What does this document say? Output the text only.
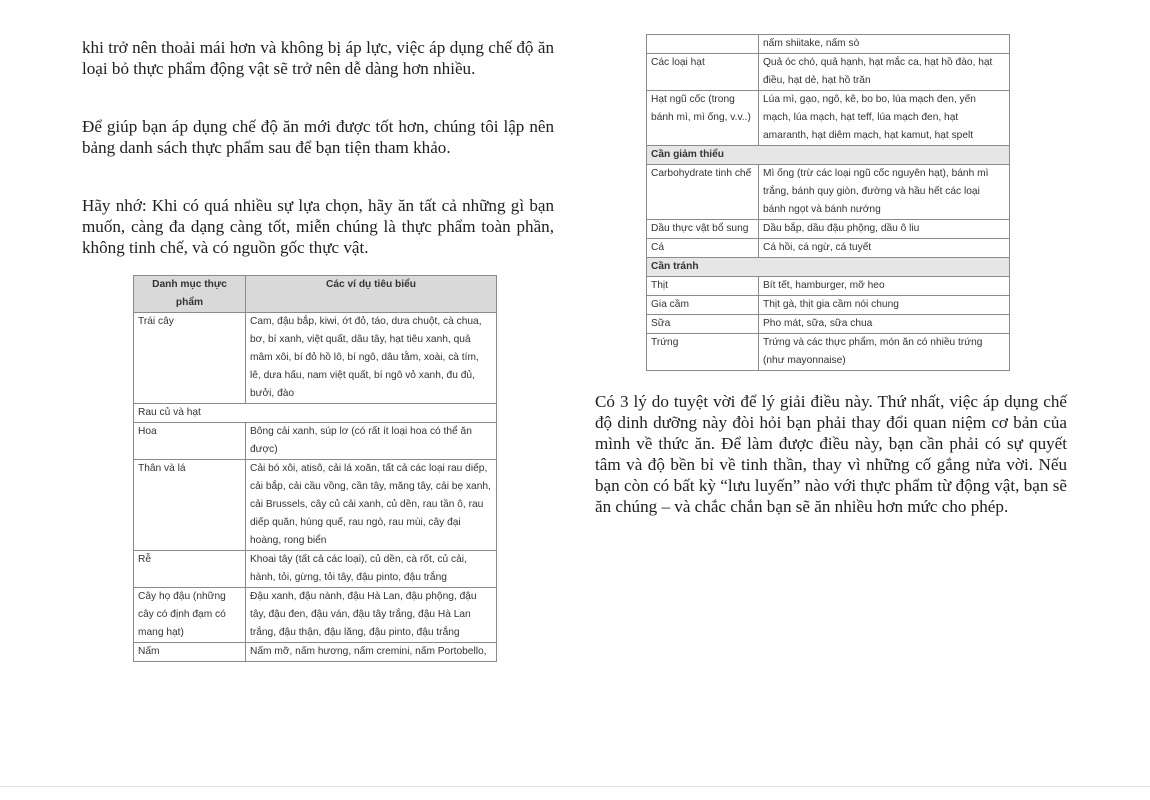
khi trở nên thoải mái hơn và không bị áp lực, việc áp dụng chế độ ăn loại bỏ thực phẩm động vật sẽ trở nên dễ dàng hơn nhiều.

Để giúp bạn áp dụng chế độ ăn mới được tốt hơn, chúng tôi lập nên bảng danh sách thực phẩm sau để bạn tiện tham khảo.

Hãy nhớ: Khi có quá nhiều sự lựa chọn, hãy ăn tất cả những gì bạn muốn, càng đa dạng càng tốt, miễn chúng là thực phẩm toàn phần, không tinh chế, và có nguồn gốc thực vật.

Danh mục thực phẩm	Các ví dụ tiêu biểu
Trái cây	Cam, đậu bắp, kiwi, ớt đỏ, táo, dưa chuột, cà chua, bơ, bí xanh, việt quất, dâu tây, hạt tiêu xanh, quả mâm xôi, bí đỏ hồ lô, bí ngô, dâu tằm, xoài, cà tím, lê, dưa hấu, nam việt quất, bí ngô vỏ xanh, đu đủ, bưởi, đào
Rau củ và hạt	
Hoa	Bông cải xanh, súp lơ (có rất ít loại hoa có thể ăn được)
Thân và lá	Cải bó xôi, atisô, cải lá xoăn, tất cả các loại rau diếp, cải bắp, cải cầu vồng, cần tây, măng tây, cải bẹ xanh, cải Brussels, cây củ cải xanh, củ dền, rau tần ô, rau diếp quăn, húng quế, rau ngò, rau mùi, cây đại hoàng, rong biển
Rễ	Khoai tây (tất cả các loại), củ dền, cà rốt, củ cải, hành, tỏi, gừng, tỏi tây, đậu pinto, đậu trắng
Cây họ đậu (những cây có định đạm có mang hạt)	Đậu xanh, đậu nành, đậu Hà Lan, đậu phộng, đậu tây, đậu đen, đậu ván, đậu tây trắng, đậu Hà Lan trắng, đậu thận, đậu lăng, đậu pinto, đậu trắng
Nấm	Nấm mỡ, nấm hương, nấm cremini, nấm Portobello,
	nấm shiitake, nấm sò
Các loại hạt	Quả óc chó, quả hạnh, hạt mắc ca, hạt hồ đào, hạt điều, hạt dẻ, hạt hồ trăn
Hạt ngũ cốc (trong bánh mì, mì ống, v.v..)	Lúa mì, gạo, ngô, kê, bo bo, lúa mạch đen, yến mạch, lúa mạch, hạt teff, lúa mạch đen, hạt amaranth, hạt diêm mạch, hạt kamut, hạt spelt
Cần giảm thiểu	
Carbohydrate tinh chế	Mì ống (trừ các loại ngũ cốc nguyên hạt), bánh mì trắng, bánh quy giòn, đường và hầu hết các loại bánh ngọt và bánh nướng
Dầu thực vật bổ sung	Dầu bắp, dầu đậu phộng, dầu ô liu
Cá	Cá hồi, cá ngừ, cá tuyết
Cần tránh	
Thịt	Bít tết, hamburger, mỡ heo
Gia cầm	Thịt gà, thịt gia cầm nói chung
Sữa	Pho mát, sữa, sữa chua
Trứng	Trứng và các thực phẩm, món ăn có nhiều trứng (như mayonnaise)

Có 3 lý do tuyệt vời để lý giải điều này. Thứ nhất, việc áp dụng chế độ dinh dưỡng này đòi hỏi bạn phải thay đổi quan niệm cơ bản của mình về thức ăn. Để làm được điều này, bạn cần phải có sự quyết tâm và độ bền bỉ về tinh thần, thay vì những cố gắng nửa vời. Nếu bạn còn có bất kỳ “lưu luyến” nào với thực phẩm từ động vật, bạn sẽ ăn chúng – và chắc chắn bạn sẽ ăn nhiều hơn mức cho phép.
